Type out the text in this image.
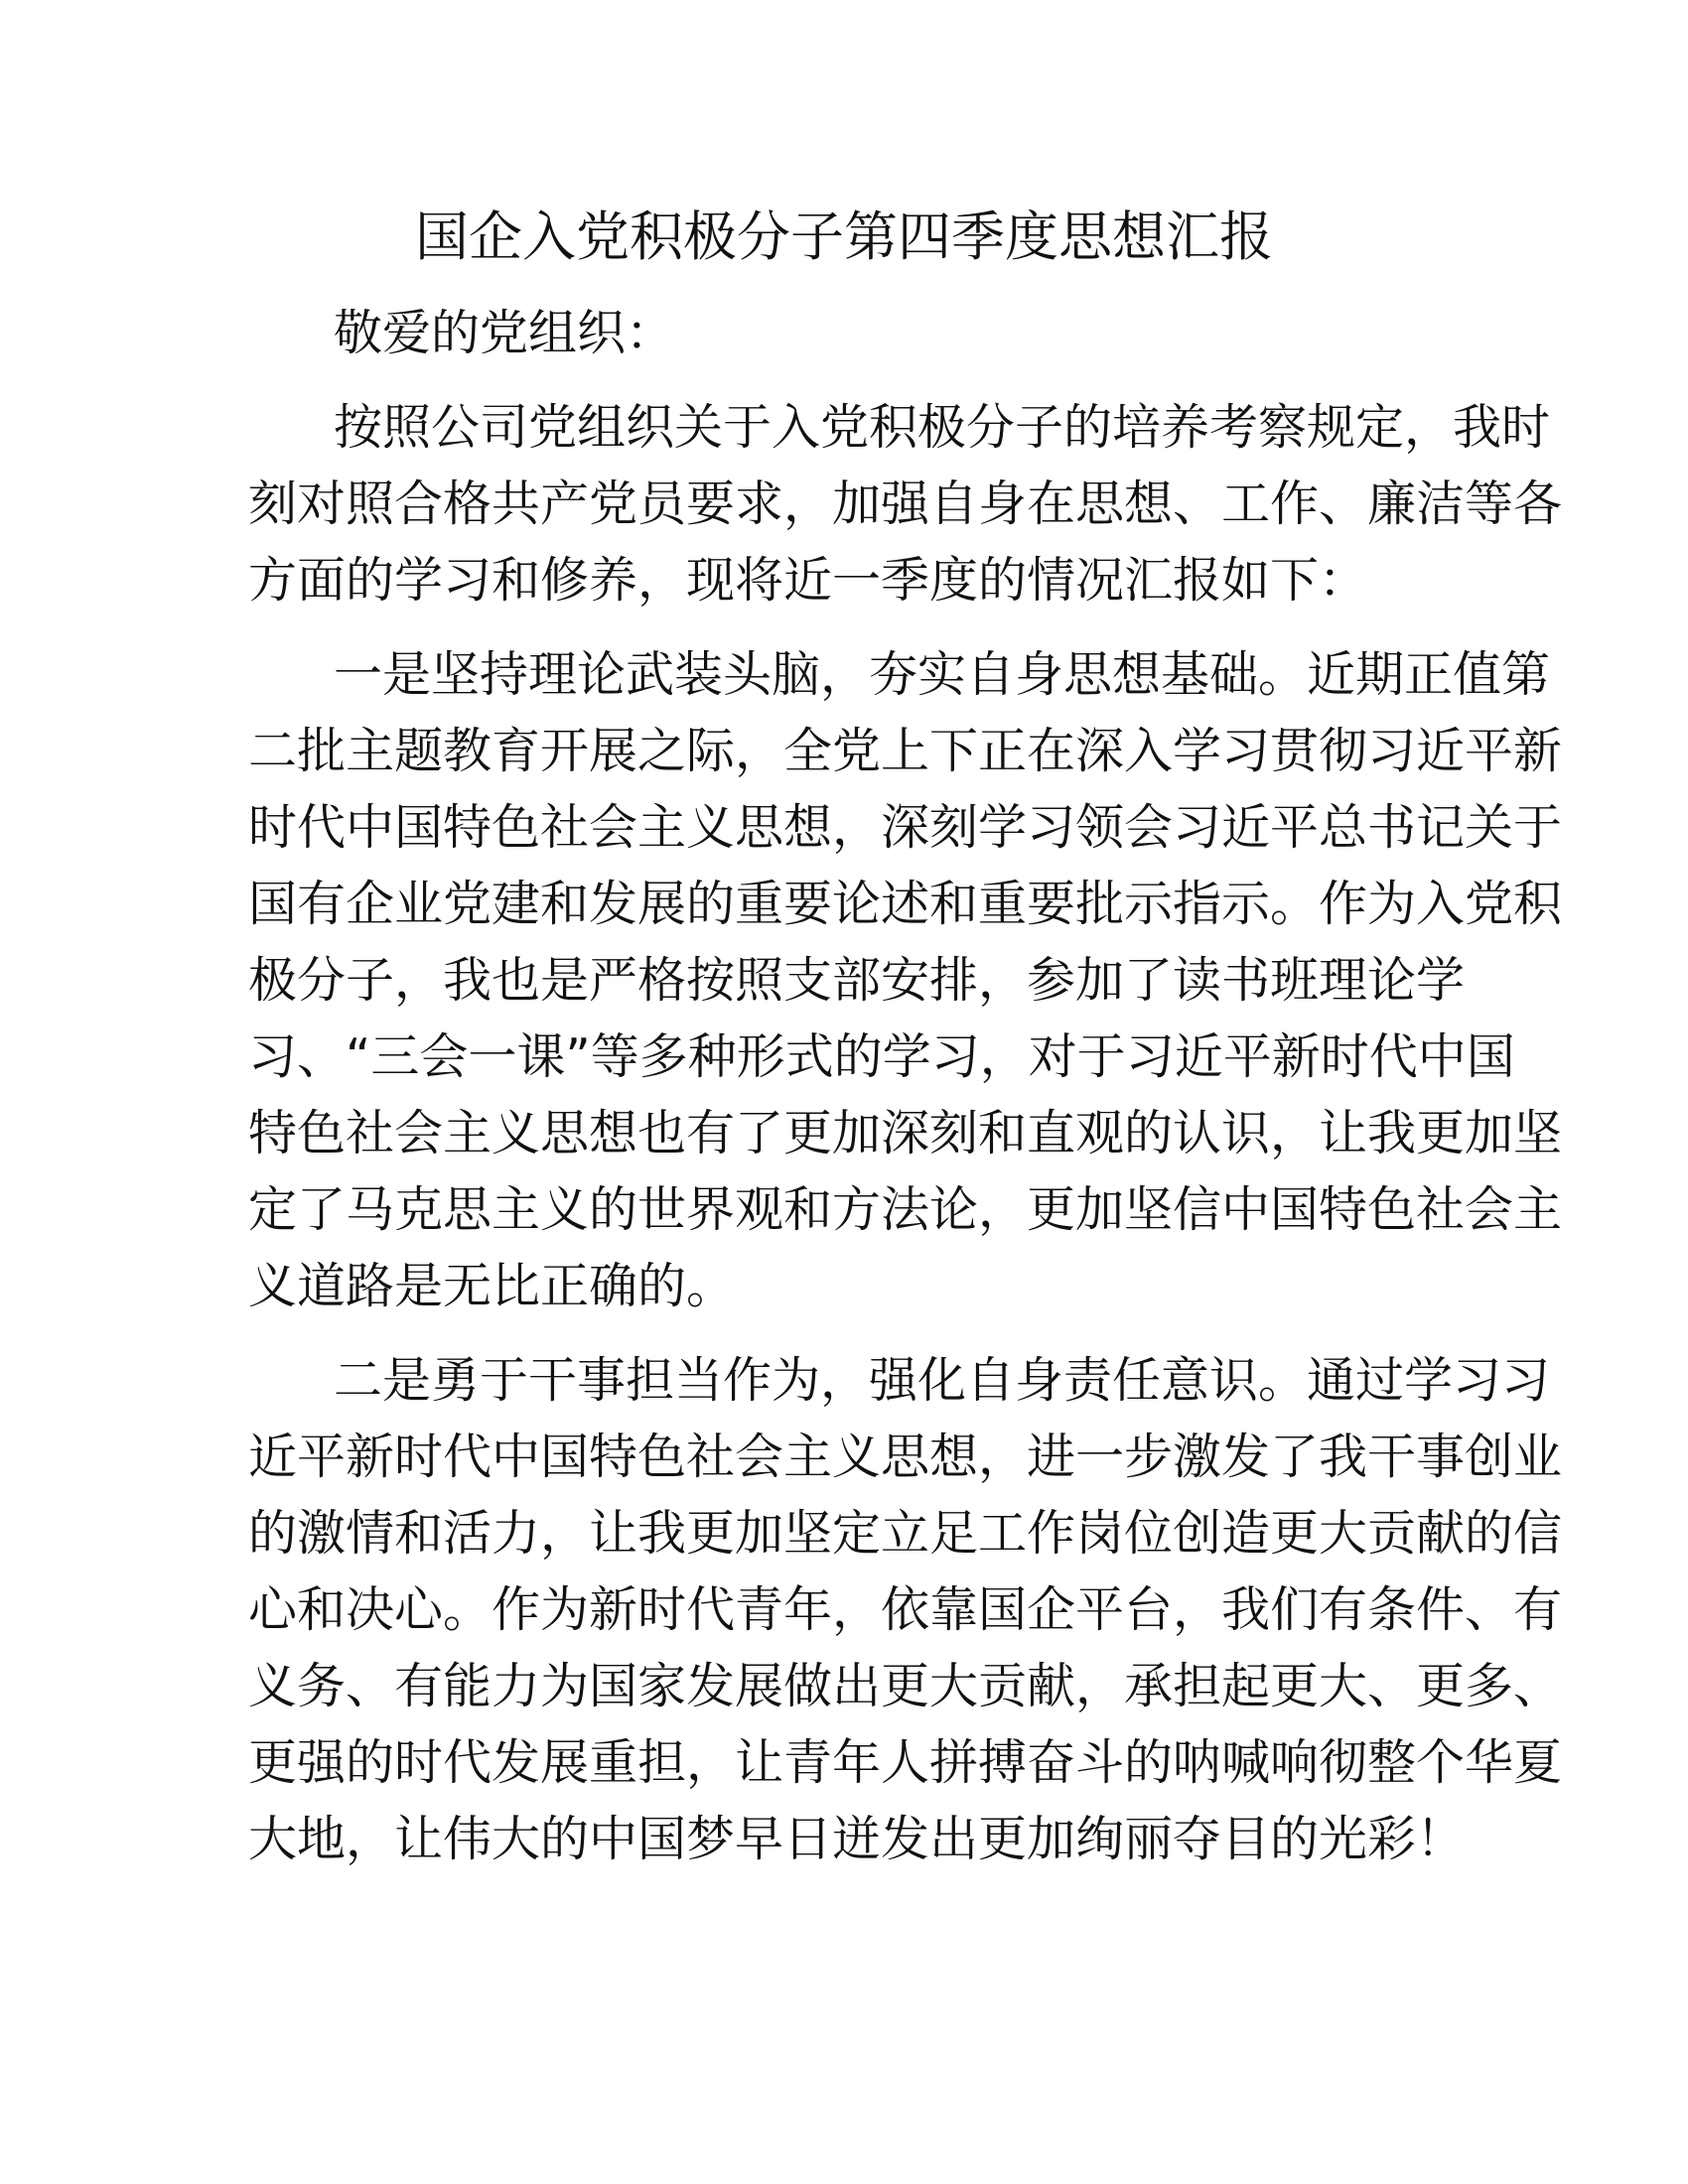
国企入党积极分子第四季度思想汇报
敬爱的党组织：
按照公司党组织关于入党积极分子的培养考察规定，我时
刻对照合格共产党员要求，加强自身在思想、工作、廉洁等各
方面的学习和修养，现将近一季度的情况汇报如下：
一是坚持理论武装头脑，夯实自身思想基础。近期正值第
二批主题教育开展之际，全党上下正在深入学习贯彻习近平新
时代中国特色社会主义思想，深刻学习领会习近平总书记关于
国有企业党建和发展的重要论述和重要批示指示。作为入党积
极分子，我也是严格按照支部安排，参加了读书班理论学
习、“三会一课”等多种形式的学习，对于习近平新时代中国
特色社会主义思想也有了更加深刻和直观的认识，让我更加坚
定了马克思主义的世界观和方法论，更加坚信中国特色社会主
义道路是无比正确的。
二是勇于干事担当作为，强化自身责任意识。通过学习习
近平新时代中国特色社会主义思想，进一步激发了我干事创业
的激情和活力，让我更加坚定立足工作岗位创造更大贡献的信
心和决心。作为新时代青年，依靠国企平台，我们有条件、有
义务、有能力为国家发展做出更大贡献，承担起更大、更多、
更强的时代发展重担，让青年人拼搏奋斗的呐喊响彻整个华夏
大地，让伟大的中国梦早日迸发出更加绚丽夺目的光彩！
